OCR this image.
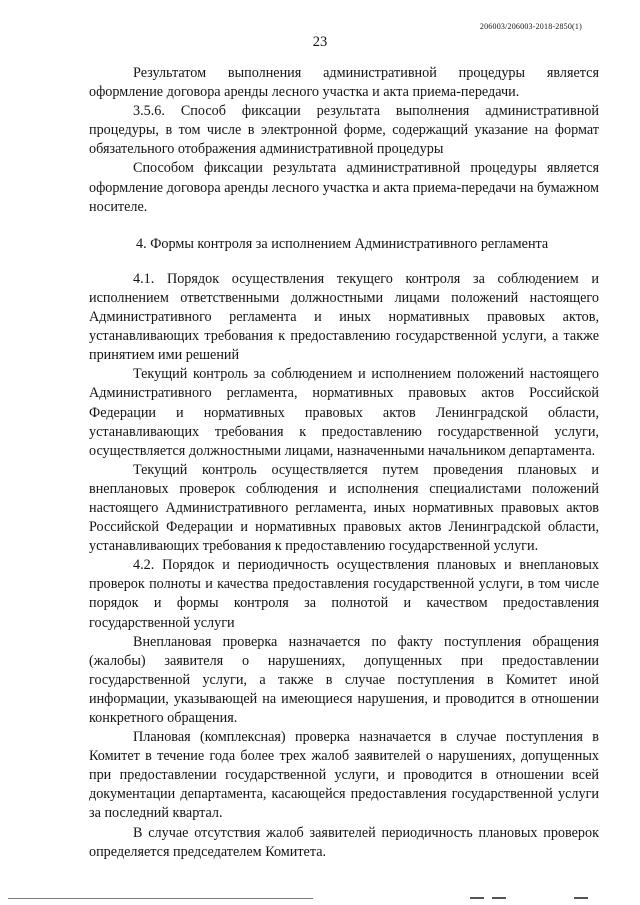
206003/206003-2018-2850(1)
23

Результатом выполнения административной процедуры является оформление договора аренды лесного участка и акта приема-передачи.

3.5.6. Способ фиксации результата выполнения административной процедуры, в том числе в электронной форме, содержащий указание на формат обязательного отображения административной процедуры

Способом фиксации результата административной процедуры является оформление договора аренды лесного участка и акта приема-передачи на бумажном носителе.

4. Формы контроля за исполнением Административного регламента

4.1. Порядок осуществления текущего контроля за соблюдением и исполнением ответственными должностными лицами положений настоящего Административного регламента и иных нормативных правовых актов, устанавливающих требования к предоставлению государственной услуги, а также принятием ими решений

Текущий контроль за соблюдением и исполнением положений настоящего Административного регламента, нормативных правовых актов Российской Федерации и нормативных правовых актов Ленинградской области, устанавливающих требования к предоставлению государственной услуги, осуществляется должностными лицами, назначенными начальником департамента.

Текущий контроль осуществляется путем проведения плановых и внеплановых проверок соблюдения и исполнения специалистами положений настоящего Административного регламента, иных нормативных правовых актов Российской Федерации и нормативных правовых актов Ленинградской области, устанавливающих требования к предоставлению государственной услуги.

4.2. Порядок и периодичность осуществления плановых и внеплановых проверок полноты и качества предоставления государственной услуги, в том числе порядок и формы контроля за полнотой и качеством предоставления государственной услуги

Внеплановая проверка назначается по факту поступления обращения (жалобы) заявителя о нарушениях, допущенных при предоставлении государственной услуги, а также в случае поступления в Комитет иной информации, указывающей на имеющиеся нарушения, и проводится в отношении конкретного обращения.

Плановая (комплексная) проверка назначается в случае поступления в Комитет в течение года более трех жалоб заявителей о нарушениях, допущенных при предоставлении государственной услуги, и проводится в отношении всей документации департамента, касающейся предоставления государственной услуги за последний квартал.

В случае отсутствия жалоб заявителей периодичность плановых проверок определяется председателем Комитета.
